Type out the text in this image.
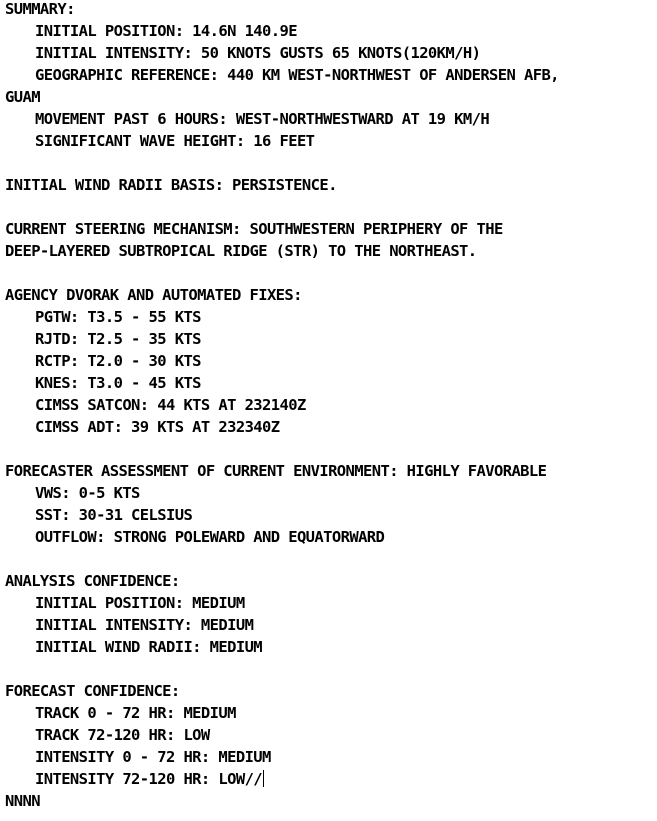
SUMMARY:
INITIAL POSITION: 14.6N 140.9E
INITIAL INTENSITY: 50 KNOTS GUSTS 65 KNOTS(120KM/H)
GEOGRAPHIC REFERENCE: 440 KM WEST-NORTHWEST OF ANDERSEN AFB,
GUAM
MOVEMENT PAST 6 HOURS: WEST-NORTHWESTWARD AT 19 KM/H
SIGNIFICANT WAVE HEIGHT: 16 FEET
INITIAL WIND RADII BASIS: PERSISTENCE.
CURRENT STEERING MECHANISM: SOUTHWESTERN PERIPHERY OF THE
DEEP-LAYERED SUBTROPICAL RIDGE (STR) TO THE NORTHEAST.
AGENCY DVORAK AND AUTOMATED FIXES:
PGTW: T3.5 - 55 KTS
RJTD: T2.5 - 35 KTS
RCTP: T2.0 - 30 KTS
KNES: T3.0 - 45 KTS
CIMSS SATCON: 44 KTS AT 232140Z
CIMSS ADT: 39 KTS AT 232340Z
FORECASTER ASSESSMENT OF CURRENT ENVIRONMENT: HIGHLY FAVORABLE
VWS: 0-5 KTS
SST: 30-31 CELSIUS
OUTFLOW: STRONG POLEWARD AND EQUATORWARD
ANALYSIS CONFIDENCE:
INITIAL POSITION: MEDIUM
INITIAL INTENSITY: MEDIUM
INITIAL WIND RADII: MEDIUM
FORECAST CONFIDENCE:
TRACK 0 - 72 HR: MEDIUM
TRACK 72-120 HR: LOW
INTENSITY 0 - 72 HR: MEDIUM
INTENSITY 72-120 HR: LOW//
NNNN
